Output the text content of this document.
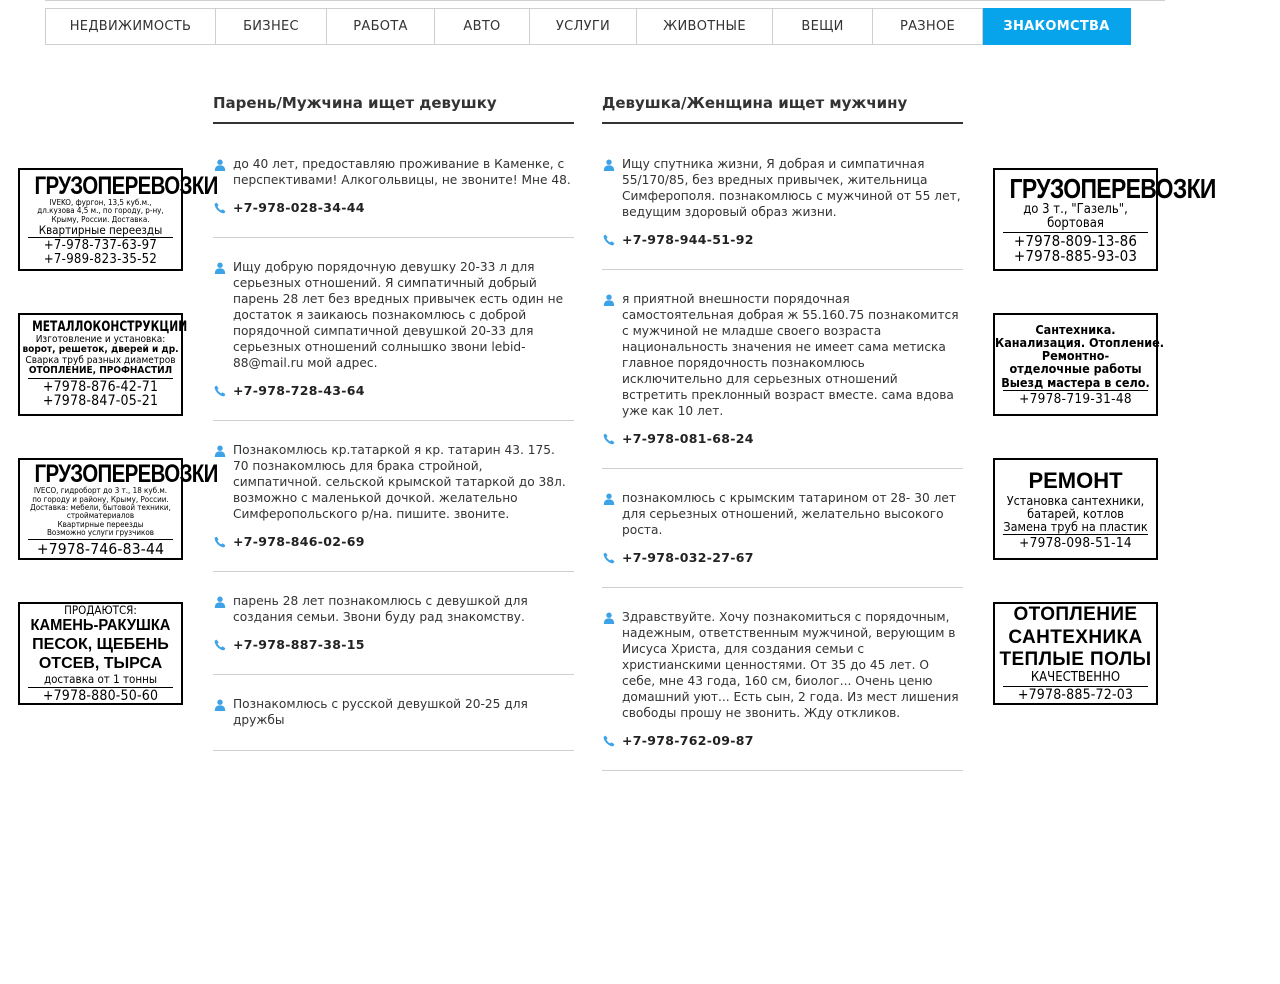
НЕДВИЖИМОСТЬ	БИЗНЕС	РАБОТА	АВТО	УСЛУГИ	ЖИВОТНЫЕ	ВЕЩИ	РАЗНОЕ	ЗНАКОМСТВА
ГРУЗОПЕРЕВОЗКИ
IVEKO, фургон, 13,5 куб.м.,
дл.кузова 4,5 м., по городу, р-ну,
Крыму, России. Доставка.
Квартирные переезды
+7-978-737-63-97
+7-989-823-35-52
МЕТАЛЛОКОНСТРУКЦИИ
Изготовление и установка:
ворот, решеток, дверей и др.
Сварка труб разных диаметров
ОТОПЛЕНИЕ, ПРОФНАСТИЛ
+7978-876-42-71
+7978-847-05-21
ГРУЗОПЕРЕВОЗКИ
IVECO, гидроборт до 3 т., 18 куб.м.
по городу и району, Крыму, России.
Доставка: мебели, бытовой техники,
стройматериалов
Квартирные переезды
Возможно услуги грузчиков
+7978-746-83-44
ПРОДАЮТСЯ:
КАМЕНЬ-РАКУШКА
ПЕСОК, ЩЕБЕНЬ
ОТСЕВ, ТЫРСА
доставка от 1 тонны
+7978-880-50-60
Парень/Мужчина ищет девушку
до 40 лет, предоставляю проживание в Каменке, с перспективами! Алкогольвицы, не звоните! Мне 48.
+7-978-028-34-44
Ищу добрую порядочную девушку 20-33 л для серьезных отношений. Я симпатичный добрый парень 28 лет без вредных привычек есть один не достаток я заикаюсь познакомлюсь с доброй порядочной симпатичной девушкой 20-33 для серьезных отношений солнышко звони lebid-88@mail.ru мой адрес.
+7-978-728-43-64
Познакомлюсь кр.татаркой я кр. татарин 43. 175. 70 познакомлюсь для брака стройной, симпатичной. сельской крымской татаркой до 38л. возможно с маленькой дочкой. желательно Симферопольского р/на. пишите. звоните.
+7-978-846-02-69
парень 28 лет познакомлюсь с девушкой для создания семьи. Звони буду рад знакомству.
+7-978-887-38-15
Познакомлюсь с русской девушкой 20-25 для дружбы
Девушка/Женщина ищет мужчину
Ищу спутника жизни, Я добрая и симпатичная 55/170/85, без вредных привычек, жительница Симферополя. познакомлюсь с мужчиной от 55 лет, ведущим здоровый образ жизни.
+7-978-944-51-92
я приятной внешности порядочная самостоятельная добрая ж 55.160.75 познакомится с мужчиной не младше своего возраста национальность значения не имеет сама метиска главное порядочность познакомлюсь исключительно для серьезных отношений встретить преклонный возраст вместе. сама вдова уже как 10 лет.
+7-978-081-68-24
познакомлюсь с крымским татарином от 28- 30 лет для серьезных отношений, желательно высокого роста.
+7-978-032-27-67
Здравствуйте. Хочу познакомиться с порядочным, надежным, ответственным мужчиной, верующим в Иисуса Христа, для создания семьи с христианскими ценностями. От 35 до 45 лет. О себе, мне 43 года, 160 см, биолог... Очень ценю домашний уют... Есть сын, 2 года. Из мест лишения свободы прошу не звонить. Жду откликов.
+7-978-762-09-87
ГРУЗОПЕРЕВОЗКИ
до 3 т., "Газель", бортовая
+7978-809-13-86
+7978-885-93-03
Сантехника.
Канализация. Отопление.
Ремонтно-
отделочные работы
Выезд мастера в село.
+7978-719-31-48
РЕМОНТ
Установка сантехники,
батарей, котлов
Замена труб на пластик
+7978-098-51-14
ОТОПЛЕНИЕ
САНТЕХНИКА
ТЕПЛЫЕ ПОЛЫ
КАЧЕСТВЕННО
+7978-885-72-03
